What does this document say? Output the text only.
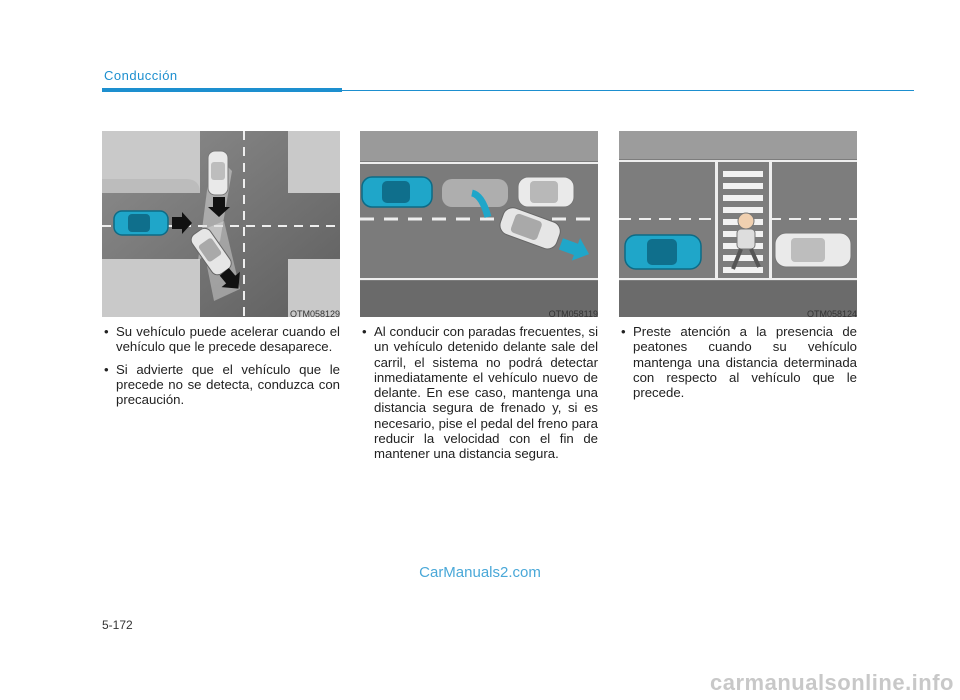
Conducción
OTM058129	OTM058119	OTM058124
• Su vehículo puede acelerar cuando el vehículo que le precede desaparece.
• Si advierte que el vehículo que le precede no se detecta, conduzca con precaución.
• Al conducir con paradas frecuentes, si un vehículo detenido delante sale del carril, el sistema no podrá detectar inmediatamente el vehículo nuevo de delante. En ese caso, mantenga una distancia segura de frenado y, si es necesario, pise el pedal del freno para reducir la velocidad con el fin de mantener una distancia segura.
• Preste atención a la presencia de peatones cuando su vehículo mantenga una distancia determinada con respecto al vehículo que le precede.
CarManuals2.com
5-172
carmanualsonline.info
